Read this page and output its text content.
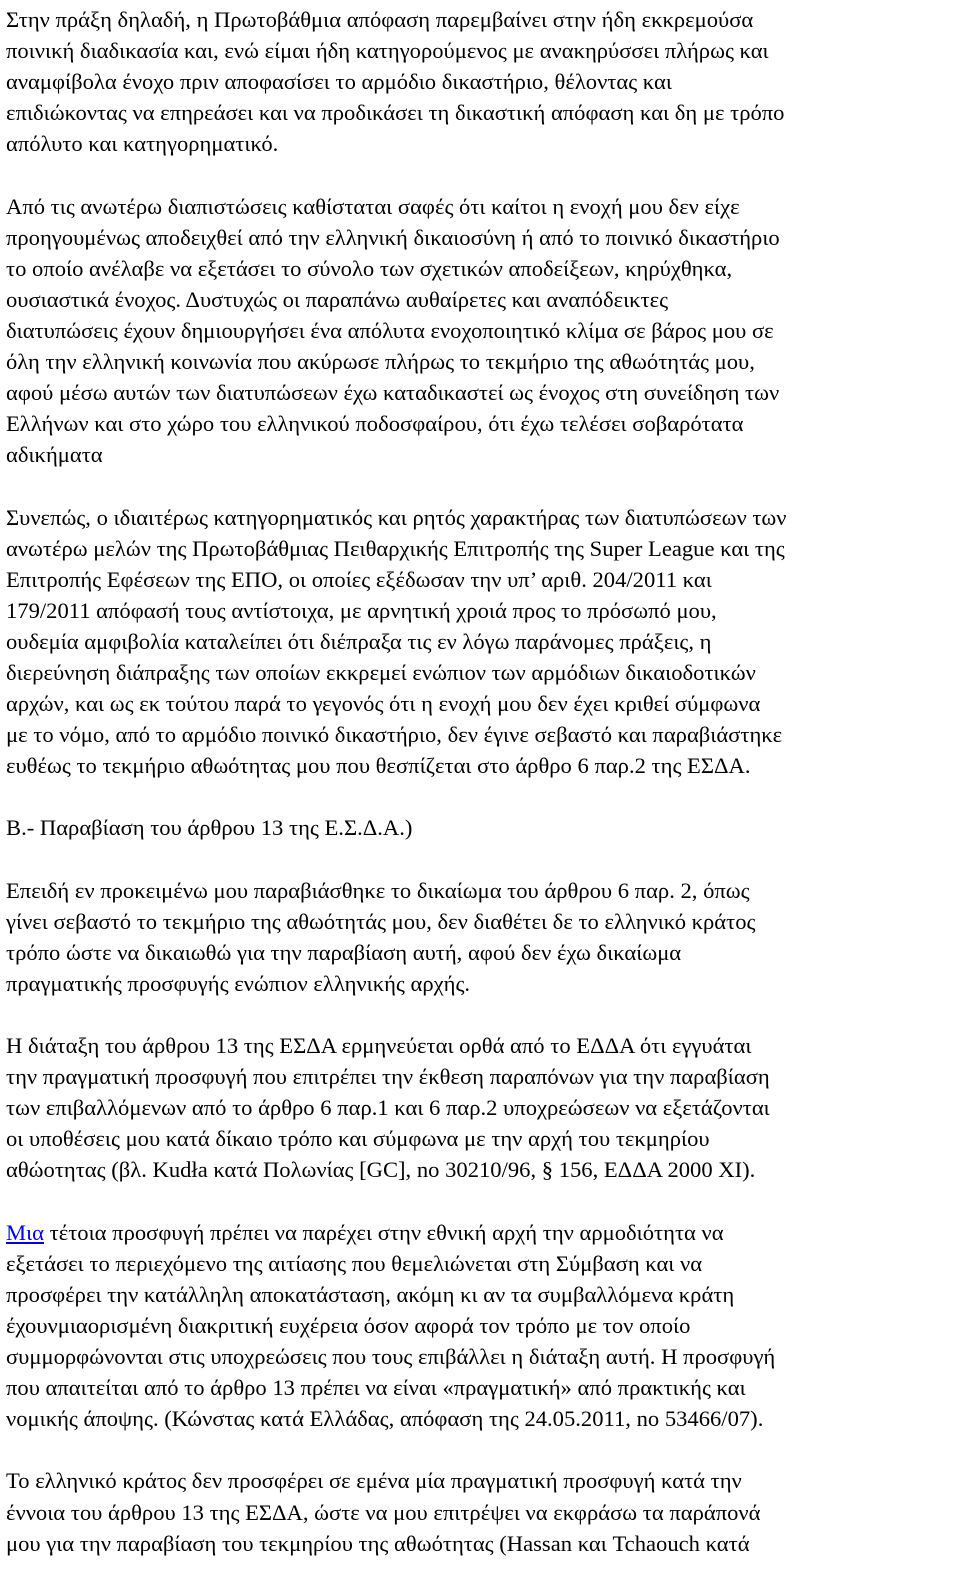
Στην πράξη δηλαδή, η Πρωτοβάθμια απόφαση παρεμβαίνει στην ήδη εκκρεμούσα
ποινική διαδικασία και, ενώ είμαι ήδη κατηγορούμενος με ανακηρύσσει πλήρως και
αναμφίβολα ένοχο πριν αποφασίσει το αρμόδιο δικαστήριο, θέλοντας και
επιδιώκοντας να επηρεάσει και να προδικάσει τη δικαστική απόφαση και δη με τρόπο
απόλυτο και κατηγορηματικό.
Από τις ανωτέρω διαπιστώσεις καθίσταται σαφές ότι καίτοι η ενοχή μου δεν είχε
προηγουμένως αποδειχθεί από την ελληνική δικαιοσύνη ή από το ποινικό δικαστήριο
το οποίο ανέλαβε να εξετάσει το σύνολο των σχετικών αποδείξεων, κηρύχθηκα,
ουσιαστικά ένοχος. Δυστυχώς οι παραπάνω αυθαίρετες και αναπόδεικτες
διατυπώσεις έχουν δημιουργήσει ένα απόλυτα ενοχοποιητικό κλίμα σε βάρος μου σε
όλη την ελληνική κοινωνία που ακύρωσε πλήρως το τεκμήριο της αθωότητάς μου,
αφού μέσω αυτών των διατυπώσεων έχω καταδικαστεί ως ένοχος στη συνείδηση των
Ελλήνων και στο χώρο του ελληνικού ποδοσφαίρου, ότι έχω τελέσει σοβαρότατα
αδικήματα
Συνεπώς, ο ιδιαιτέρως κατηγορηματικός και ρητός χαρακτήρας των διατυπώσεων των
ανωτέρω μελών της Πρωτοβάθμιας Πειθαρχικής Επιτροπής της Super League και της
Επιτροπής Εφέσεων της ΕΠΟ, οι οποίες εξέδωσαν την υπ’ αριθ. 204/2011 και
179/2011 απόφασή τους αντίστοιχα, με αρνητική χροιά προς το πρόσωπό μου,
ουδεμία αμφιβολία καταλείπει ότι διέπραξα τις εν λόγω παράνομες πράξεις, η
διερεύνηση διάπραξης των οποίων εκκρεμεί ενώπιον των αρμόδιων δικαιοδοτικών
αρχών, και ως εκ τούτου παρά το γεγονός ότι η ενοχή μου δεν έχει κριθεί σύμφωνα
με το νόμο, από το αρμόδιο ποινικό δικαστήριο, δεν έγινε σεβαστό και παραβιάστηκε
ευθέως το τεκμήριο αθωότητας μου που θεσπίζεται στο άρθρο 6 παρ.2 της ΕΣΔΑ.
Β.- Παραβίαση του άρθρου 13 της Ε.Σ.Δ.Α.)
Επειδή εν προκειμένω μου παραβιάσθηκε το δικαίωμα του άρθρου 6 παρ. 2, όπως
γίνει σεβαστό το τεκμήριο της αθωότητάς μου, δεν διαθέτει δε το ελληνικό κράτος
τρόπο ώστε να δικαιωθώ για την παραβίαση αυτή, αφού δεν έχω δικαίωμα
πραγματικής προσφυγής ενώπιον ελληνικής αρχής.
Η διάταξη του άρθρου 13 της ΕΣΔΑ ερμηνεύεται ορθά από το ΕΔΔΑ ότι εγγυάται
την πραγματική προσφυγή που επιτρέπει την έκθεση παραπόνων για την παραβίαση
των επιβαλλόμενων από το άρθρο 6 παρ.1 και 6 παρ.2 υποχρεώσεων να εξετάζονται
οι υποθέσεις μου κατά δίκαιο τρόπο και σύμφωνα με την αρχή του τεκμηρίου
αθώοτητας (βλ. Kudła κατά Πολωνίας [GC], no 30210/96, § 156, ΕΔΔΑ 2000 XI).
Μια τέτοια προσφυγή πρέπει να παρέχει στην εθνική αρχή την αρμοδιότητα να
εξετάσει το περιεχόμενο της αιτίασης που θεμελιώνεται στη Σύμβαση και να
προσφέρει την κατάλληλη αποκατάσταση, ακόμη κι αν τα συμβαλλόμενα κράτη
έχουνμιαορισμένη διακριτική ευχέρεια όσον αφορά τον τρόπο με τον οποίο
συμμορφώνονται στις υποχρεώσεις που τους επιβάλλει η διάταξη αυτή. Η προσφυγή
που απαιτείται από το άρθρο 13 πρέπει να είναι «πραγματική» από πρακτικής και
νομικής άποψης. (Κώνστας κατά Ελλάδας, απόφαση της 24.05.2011, no 53466/07).
Το ελληνικό κράτος δεν προσφέρει σε εμένα μία πραγματική προσφυγή κατά την
έννοια του άρθρου 13 της ΕΣΔΑ, ώστε να μου επιτρέψει να εκφράσω τα παράπονά
μου για την παραβίαση του τεκμηρίου της αθωότητας (Hassan και Tchaouch κατά
